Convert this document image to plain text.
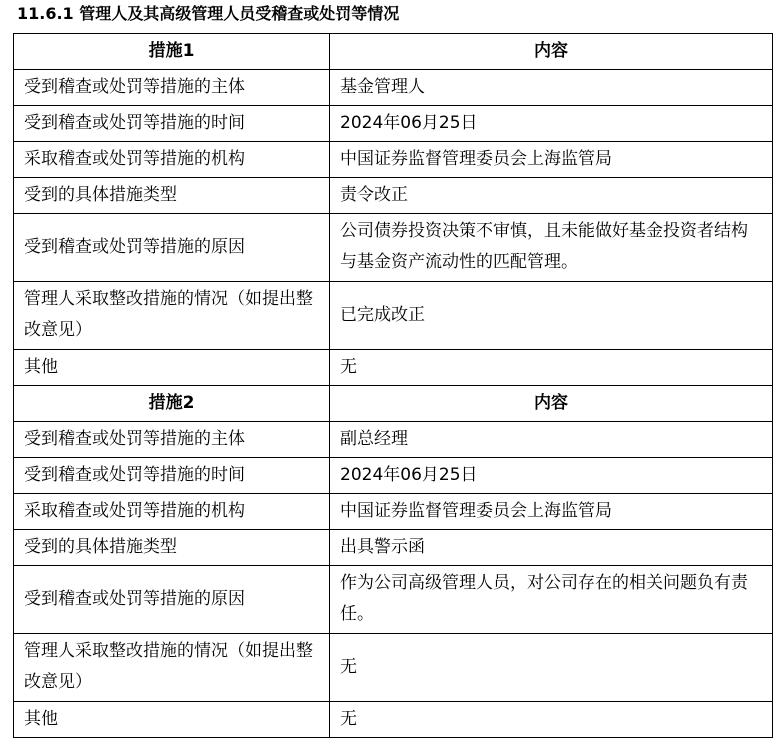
11.6.1 管理人及其高级管理人员受稽查或处罚等情况
措施1	内容
受到稽查或处罚等措施的主体	基金管理人
受到稽查或处罚等措施的时间	2024年06月25日
采取稽查或处罚等措施的机构	中国证券监督管理委员会上海监管局
受到的具体措施类型	责令改正
受到稽查或处罚等措施的原因	公司债券投资决策不审慎，且未能做好基金投资者结构与基金资产流动性的匹配管理。
管理人采取整改措施的情况（如提出整改意见）	已完成改正
其他	无
措施2	内容
受到稽查或处罚等措施的主体	副总经理
受到稽查或处罚等措施的时间	2024年06月25日
采取稽查或处罚等措施的机构	中国证券监督管理委员会上海监管局
受到的具体措施类型	出具警示函
受到稽查或处罚等措施的原因	作为公司高级管理人员，对公司存在的相关问题负有责任。
管理人采取整改措施的情况（如提出整改意见）	无
其他	无
